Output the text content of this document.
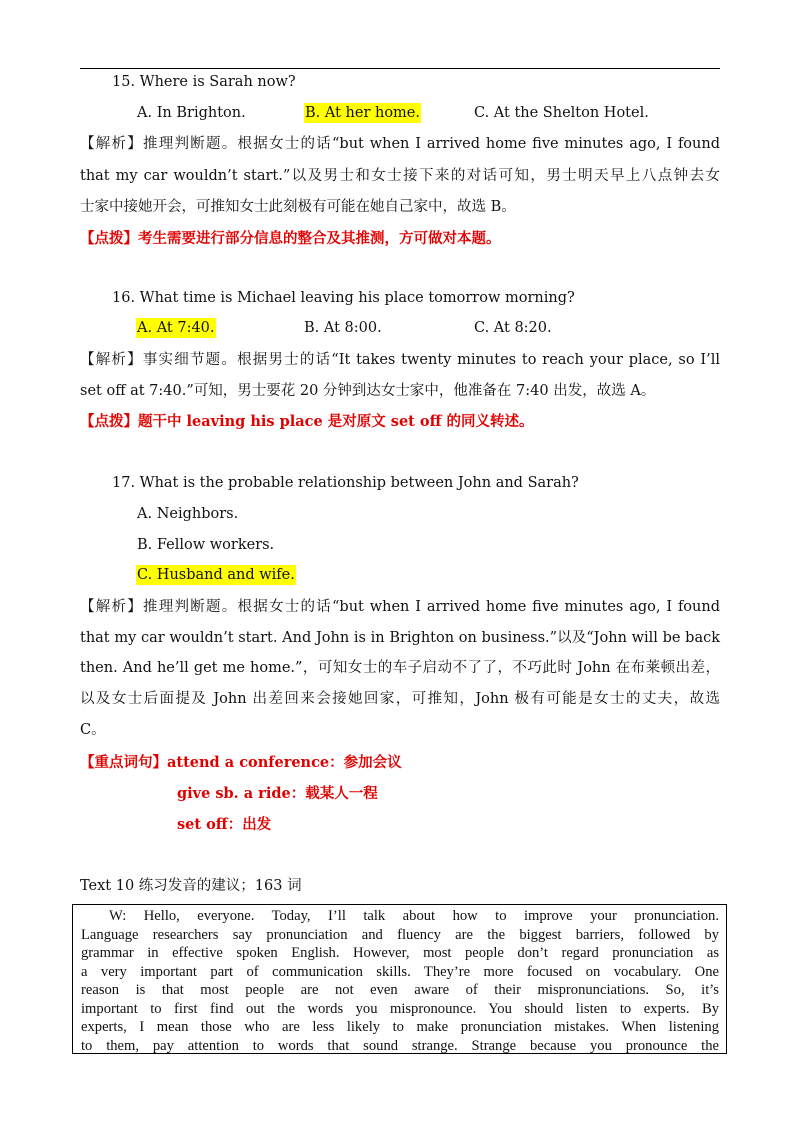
15. Where is Sarah now?
A. In Brighton.	B. At her home.	C. At the Shelton Hotel.
【解析】推理判断题。根据女士的话“but when I arrived home five minutes ago, I found
that my car wouldn’t start.”以及男士和女士接下来的对话可知，男士明天早上八点钟去女
士家中接她开会，可推知女士此刻极有可能在她自己家中，故选 B。
【点拨】考生需要进行部分信息的整合及其推测，方可做对本题。
16. What time is Michael leaving his place tomorrow morning?
A. At 7:40.	B. At 8:00.	C. At 8:20.
【解析】事实细节题。根据男士的话“It takes twenty minutes to reach your place, so I’ll
set off at 7:40.”可知，男士要花 20 分钟到达女士家中，他准备在 7:40 出发，故选 A。
【点拨】题干中 leaving his place 是对原文 set off 的同义转述。
17. What is the probable relationship between John and Sarah?
A. Neighbors.
B. Fellow workers.
C. Husband and wife.
【解析】推理判断题。根据女士的话“but when I arrived home five minutes ago, I found
that my car wouldn’t start. And John is in Brighton on business.”以及“John will be back
then. And he’ll get me home.”，可知女士的车子启动不了了，不巧此时 John 在布莱顿出差，
以及女士后面提及 John 出差回来会接她回家，可推知，John 极有可能是女士的丈夫，故选
C。
【重点词句】attend a conference：参加会议
give sb. a ride：载某人一程
set off：出发
Text 10 练习发音的建议；163 词
W: Hello, everyone. Today, I’ll talk about how to improve your pronunciation.
Language researchers say pronunciation and fluency are the biggest barriers, followed by
grammar in effective spoken English. However, most people don’t regard pronunciation as
a very important part of communication skills. They’re more focused on vocabulary. One
reason is that most people are not even aware of their mispronunciations. So, it’s
important to first find out the words you mispronounce. You should listen to experts. By
experts, I mean those who are less likely to make pronunciation mistakes. When listening
to them, pay attention to words that sound strange. Strange because you pronounce the
